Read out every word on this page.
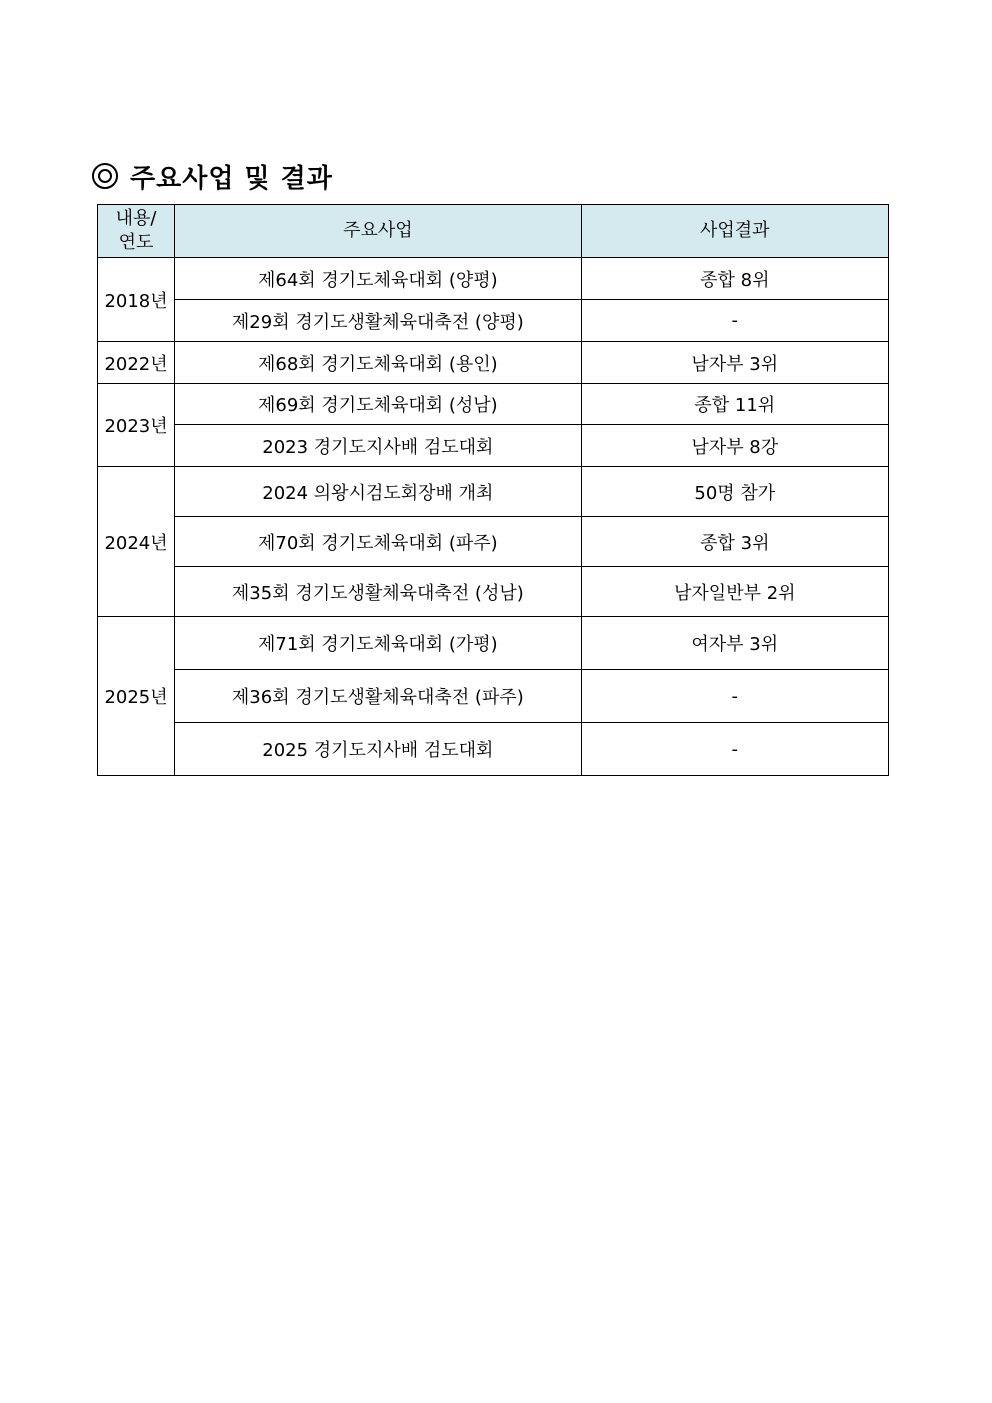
주요사업 및 결과
내용/
연도	주요사업	사업결과
2018년	제64회 경기도체육대회 (양평)	종합 8위
	제29회 경기도생활체육대축전 (양평)	-
2022년	제68회 경기도체육대회 (용인)	남자부 3위
2023년	제69회 경기도체육대회 (성남)	종합 11위
	2023 경기도지사배 검도대회	남자부 8강
2024년	2024 의왕시검도회장배 개최	50명 참가
	제70회 경기도체육대회 (파주)	종합 3위
	제35회 경기도생활체육대축전 (성남)	남자일반부 2위
2025년	제71회 경기도체육대회 (가평)	여자부 3위
	제36회 경기도생활체육대축전 (파주)	-
	2025 경기도지사배 검도대회	-
